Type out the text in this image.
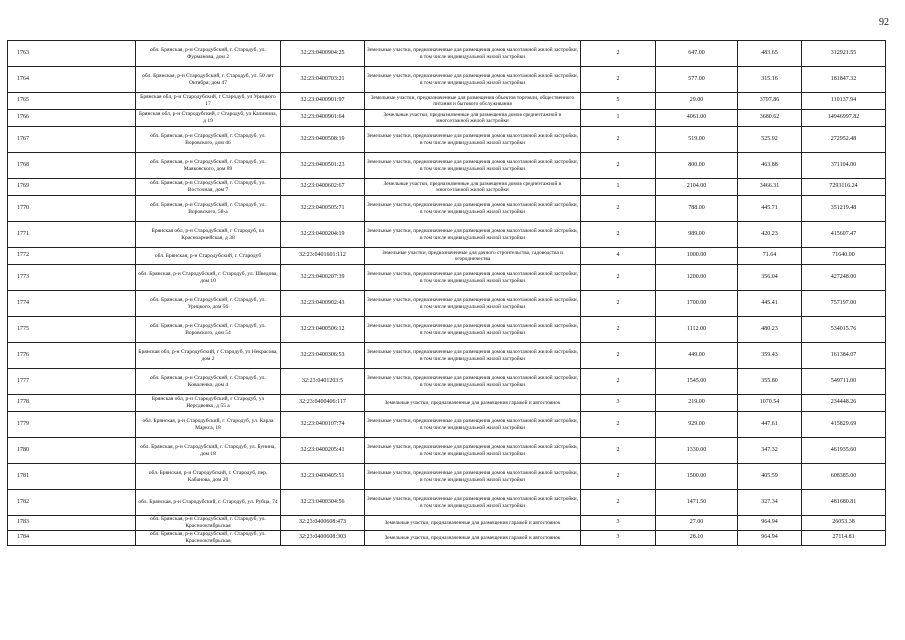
92
1763	обл. Брянская, р-н Стародубский, г. Стародуб, ул. Фурманова, дом 2	32:23:0400904:25	Земельные участки, предназначенные для размещения домов малоэтажной жилой застройки, в том числе индивидуальной жилой застройки	2	647.00	483.65	312921.55
1764	обл. Брянская, р-н Стародубский, г. Стародуб, ул. 50 лет Октября, дом 47	32:23:0400703:21	Земельные участки, предназначенные для размещения домов малоэтажной жилой застройки, в том числе индивидуальной жилой застройки	2	577.00	315.16	181847.32
1765	Брянская обл, р-н Стародубский, г Стародуб, ул Урицкого 17	32:23:0400901:97	Земельные участки, предназначенные для размещения объектов торговли, общественного питания и бытового обслуживания	5	29.00	3797.86	110137.94
1766	Брянская обл, р-н Стародубский, г Стародуб, ул Калинина, д 19	32:23:0400901:64	Земельные участки, предназначенные для размещения домов среднеэтажной и многоэтажной жилой застройки	1	4061.00	3680.62	14946997.82
1767	обл. Брянская, р-н Стародубский, г. Стародуб, ул. Воровского, дом 46	32:23:0400508:19	Земельные участки, предназначенные для размещения домов малоэтажной жилой застройки, в том числе индивидуальной жилой застройки	2	519.00	525.92	272952.48
1768	обл. Брянская, р-н Стародубский, г. Стародуб, ул. Маяковского, дом 89	32:23:0400501:23	Земельные участки, предназначенные для размещения домов малоэтажной жилой застройки, в том числе индивидуальной жилой застройки	2	800.00	463.88	371104.00
1769	обл. Брянская, р-н Стародубский, г. Стародуб, ул. Восточная, дом 7	32:23:0400602:67	Земельные участки, предназначенные для размещения домов среднеэтажной и многоэтажной жилой застройки	1	2104.00	3466.31	7293116.24
1770	обл. Брянская, р-н Стародубский, г. Стародуб, ул. Воровского, 58-а	32:23:0400505:71	Земельные участки, предназначенные для размещения домов малоэтажной жилой застройки, в том числе индивидуальной жилой застройки	2	788.00	445.71	351219.48
1771	Брянская обл, р-н Стародубский, г Стародуб, пл Красноармейская, д 38	32:23:0400204:19	Земельные участки, предназначенные для размещения домов малоэтажной жилой застройки, в том числе индивидуальной жилой застройки	2	989.00	420.23	415607.47
1772	обл. Брянская, р-н Стародубский, г. Стародуб	32:23:0401601:112	Земельные участки, предназначенные для дачного строительства, садоводства и огородничества	4	1000.00	71.64	71640.00
1773	обл. Брянская, р-н Стародубский, г. Стародуб, ул. Шведова, дом 10	32:23:0400207:39	Земельные участки, предназначенные для размещения домов малоэтажной жилой застройки, в том числе индивидуальной жилой застройки	2	1200.00	356.04	427248.00
1774	обл. Брянская, р-н Стародубский, г. Стародуб, ул. Урицкого, дом 56	32:23:0400902:43	Земельные участки, предназначенные для размещения домов малоэтажной жилой застройки, в том числе индивидуальной жилой застройки	2	1700.00	445.41	757197.00
1775	обл. Брянская, р-н Стародубский, г. Стародуб, ул. Воровского, дом 54	32:23:0400506:12	Земельные участки, предназначенные для размещения домов малоэтажной жилой застройки, в том числе индивидуальной жилой застройки	2	1112.00	480.23	534015.76
1776	Брянская обл, р-н Стародубский, г Стародуб, ул Некрасова, дом 2	32:23:0400306:53	Земельные участки, предназначенные для размещения домов малоэтажной жилой застройки, в том числе индивидуальной жилой застройки	2	449.00	359.43	161384.07
1777	обл. Брянская, р-н Стародубский, г. Стародуб, ул. Коваленко, дом 4	32:23:0401203:5	Земельные участки, предназначенные для размещения домов малоэтажной жилой застройки, в том числе индивидуальной жилой застройки	2	1545.00	355.80	549711.00
1778	Брянская обл, р-н Стародубский, г Стародуб, ул Нерсдвеяко, д 55 а	32:23:0400406:117	Земельные участки, предназначенные для размещения гаражей и автостоянок	3	219.00	1070.54	234448.26
1779	обл. Брянская, р-н Стародубский, г. Стародуб, ул. Карла Маркса, 18	32:23:0400107:74	Земельные участки, предназначенные для размещения домов малоэтажной жилой застройки, в том числе индивидуальной жилой застройки	2	929.00	447.61	415829.69
1780	обл. Брянская, р-н Стародубский, г. Стародуб, ул. Бунина, дом 18	32:23:0400205:41	Земельные участки, предназначенные для размещения домов малоэтажной жилой застройки, в том числе индивидуальной жилой застройки	2	1330.00	347.32	461935.60
1781	обл. Брянская, р-н Стародубский, г. Стародуб, пер. Кабанова, дом 20	32:23:0400405:51	Земельные участки, предназначенные для размещения домов малоэтажной жилой застройки, в том числе индивидуальной жилой застройки	2	1500.00	405.59	608385.00
1782	обл. Брянская, р-н Стародубский, г. Стародуб, ул. Рубца, 74	32:23:0400304:56	Земельные участки, предназначенные для размещения домов малоэтажной жилой застройки, в том числе индивидуальной жилой застройки	2	1471.50	327.34	481680.81
1783	обл. Брянская, р-н Стародубский, г. Стародуб, ул. Краснооктябрьская	32:23:0400608:473	Земельные участки, предназначенные для размещения гаражей и автостоянок	3	27.00	964.94	26053.38
1784	обл. Брянская, р-н Стародубский, г. Стародуб, ул. Краснооктябрьская	32:23:0400608:303	Земельные участки, предназначенные для размещения гаражей и автостоянок	3	28.10	964.94	27114.81
